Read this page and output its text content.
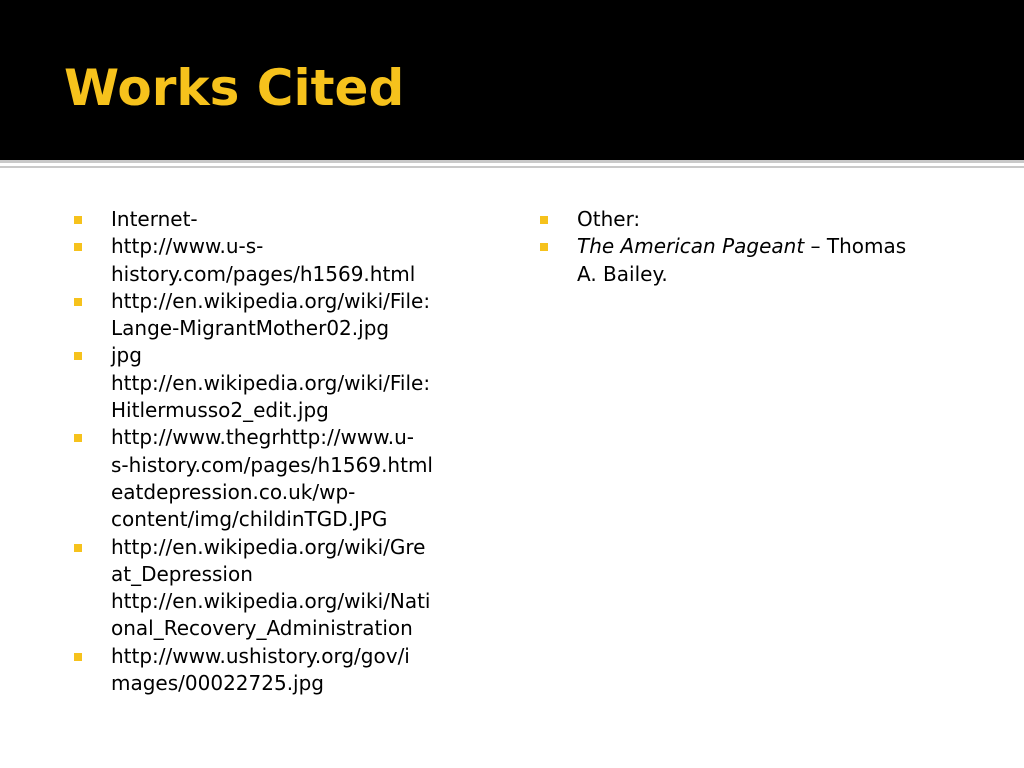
Works Cited
Internet-
http://www.u-s-
history.com/pages/h1569.html
http://en.wikipedia.org/wiki/File:
Lange-MigrantMother02.jpg
jpg
http://en.wikipedia.org/wiki/File:
Hitlermusso2_edit.jpg
http://www.thegrhttp://www.u-
s-history.com/pages/h1569.html
eatdepression.co.uk/wp-
content/img/childinTGD.JPG
http://en.wikipedia.org/wiki/Gre
at_Depression
http://en.wikipedia.org/wiki/Nati
onal_Recovery_Administration
http://www.ushistory.org/gov/i
mages/00022725.jpg
Other:
The American Pageant – Thomas
A. Bailey.
